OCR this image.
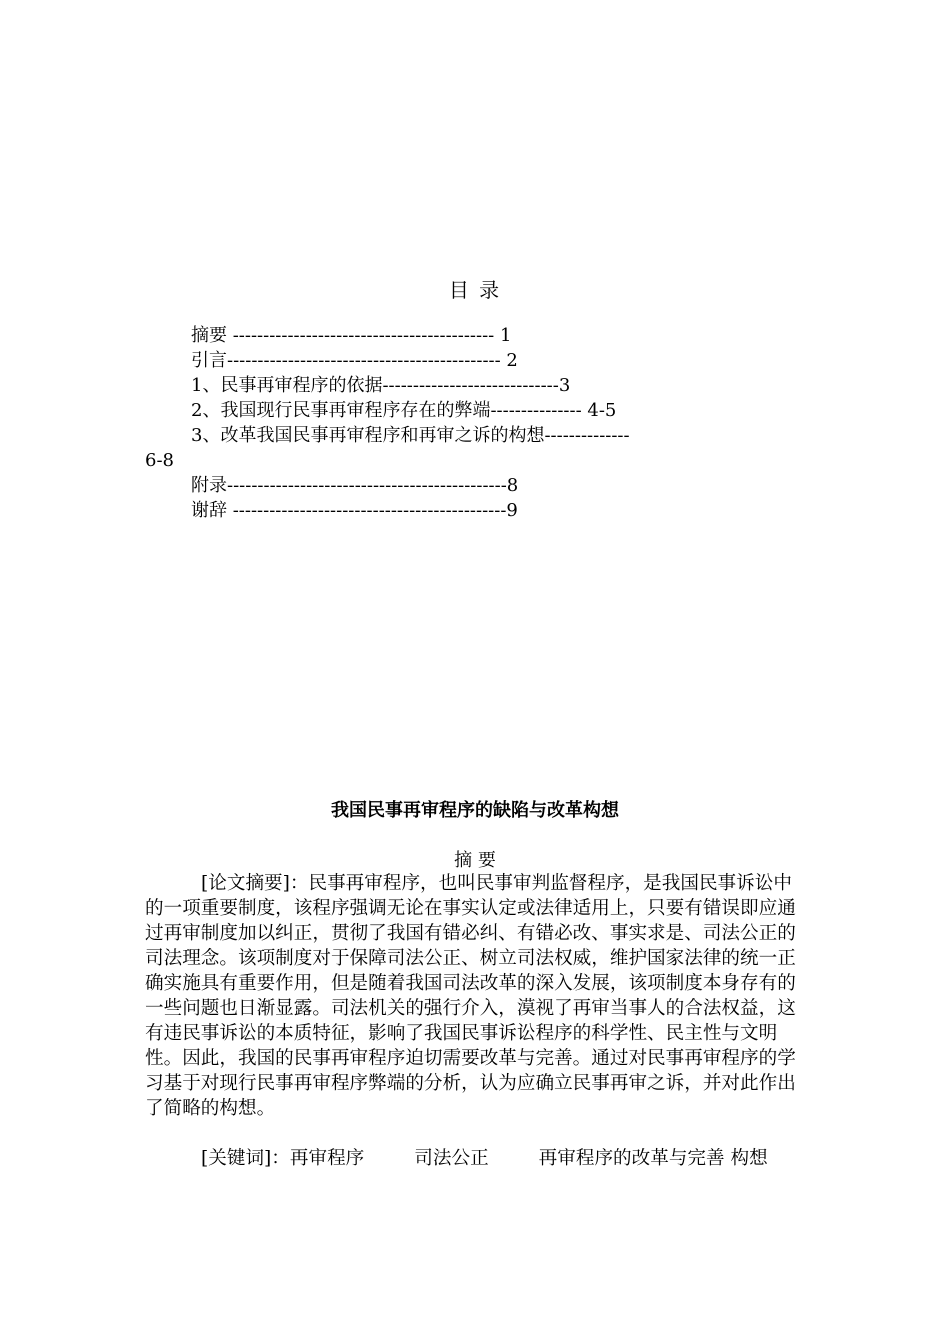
目 录
摘要 ------------------------------------------- 1
引言--------------------------------------------- 2
1、民事再审程序的依据-----------------------------3
2、我国现行民事再审程序存在的弊端--------------- 4-5
3、改革我国民事再审程序和再审之诉的构想--------------
6-8
附录----------------------------------------------8
谢辞 ---------------------------------------------9
我国民事再审程序的缺陷与改革构想
摘 要

[论文摘要]：民事再审程序，也叫民事审判监督程序，是我国民事诉讼中的一项重要制度，该程序强调无论在事实认定或法律适用上，只要有错误即应通过再审制度加以纠正，贯彻了我国有错必纠、有错必改、事实求是、司法公正的司法理念。该项制度对于保障司法公正、树立司法权威，维护国家法律的统一正确实施具有重要作用，但是随着我国司法改革的深入发展，该项制度本身存有的一些问题也日渐显露。司法机关的强行介入，漠视了再审当事人的合法权益，这有违民事诉讼的本质特征，影响了我国民事诉讼程序的科学性、民主性与文明性。因此，我国的民事再审程序迫切需要改革与完善。通过对民事再审程序的学习基于对现行民事再审程序弊端的分析，认为应确立民事再审之诉，并对此作出了简略的构想。

[关键词]：再审程序	司法公正	再审程序的改革与完善 构想
